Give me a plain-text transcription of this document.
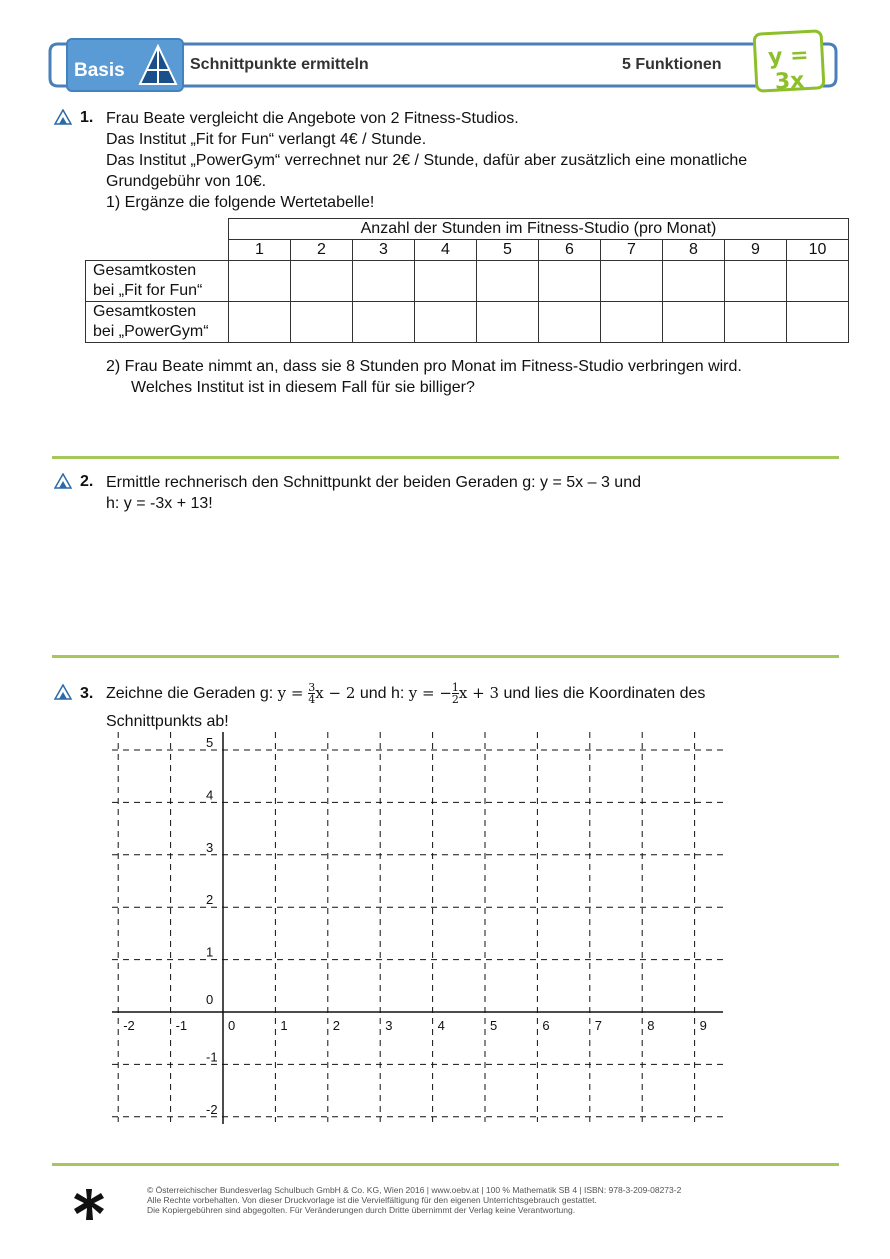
Basis	Schnittpunkte ermitteln	5 Funktionen	y = 3x
1. Frau Beate vergleicht die Angebote von 2 Fitness-Studios.
Das Institut „Fit for Fun“ verlangt 4€ / Stunde.
Das Institut „PowerGym“ verrechnet nur 2€ / Stunde, dafür aber zusätzlich eine monatliche
Grundgebühr von 10€.
1) Ergänze die folgende Wertetabelle!
	Anzahl der Stunden im Fitness-Studio (pro Monat)									
	1	2	3	4	5	6	7	8	9	10
Gesamtkosten
bei „Fit for Fun“										
Gesamtkosten
bei „PowerGym“										
2) Frau Beate nimmt an, dass sie 8 Stunden pro Monat im Fitness-Studio verbringen wird.
Welches Institut ist in diesem Fall für sie billiger?
2. Ermittle rechnerisch den Schnittpunkt der beiden Geraden g: y = 5x – 3 und
h: y = -3x + 13!
3. Zeichne die Geraden g: $y = \frac{3}{4}$ x − 2 und h: y = − $\frac{1}{2}$ x + 3 und lies die Koordinaten des
Schnittpunkts ab!
-2	-1	0	1	2	3	4	5	6	7	8	9
5
4
3
2
1
0
-1
-2
© Österreichischer Bundesverlag Schulbuch GmbH & Co. KG, Wien 2016 | www.oebv.at | 100 % Mathematik SB 4 | ISBN: 978-3-209-08273-2
Alle Rechte vorbehalten. Von dieser Druckvorlage ist die Vervielfältigung für den eigenen Unterrichtsgebrauch gestattet.
Die Kopiergebühren sind abgegolten. Für Veränderungen durch Dritte übernimmt der Verlag keine Verantwortung.
